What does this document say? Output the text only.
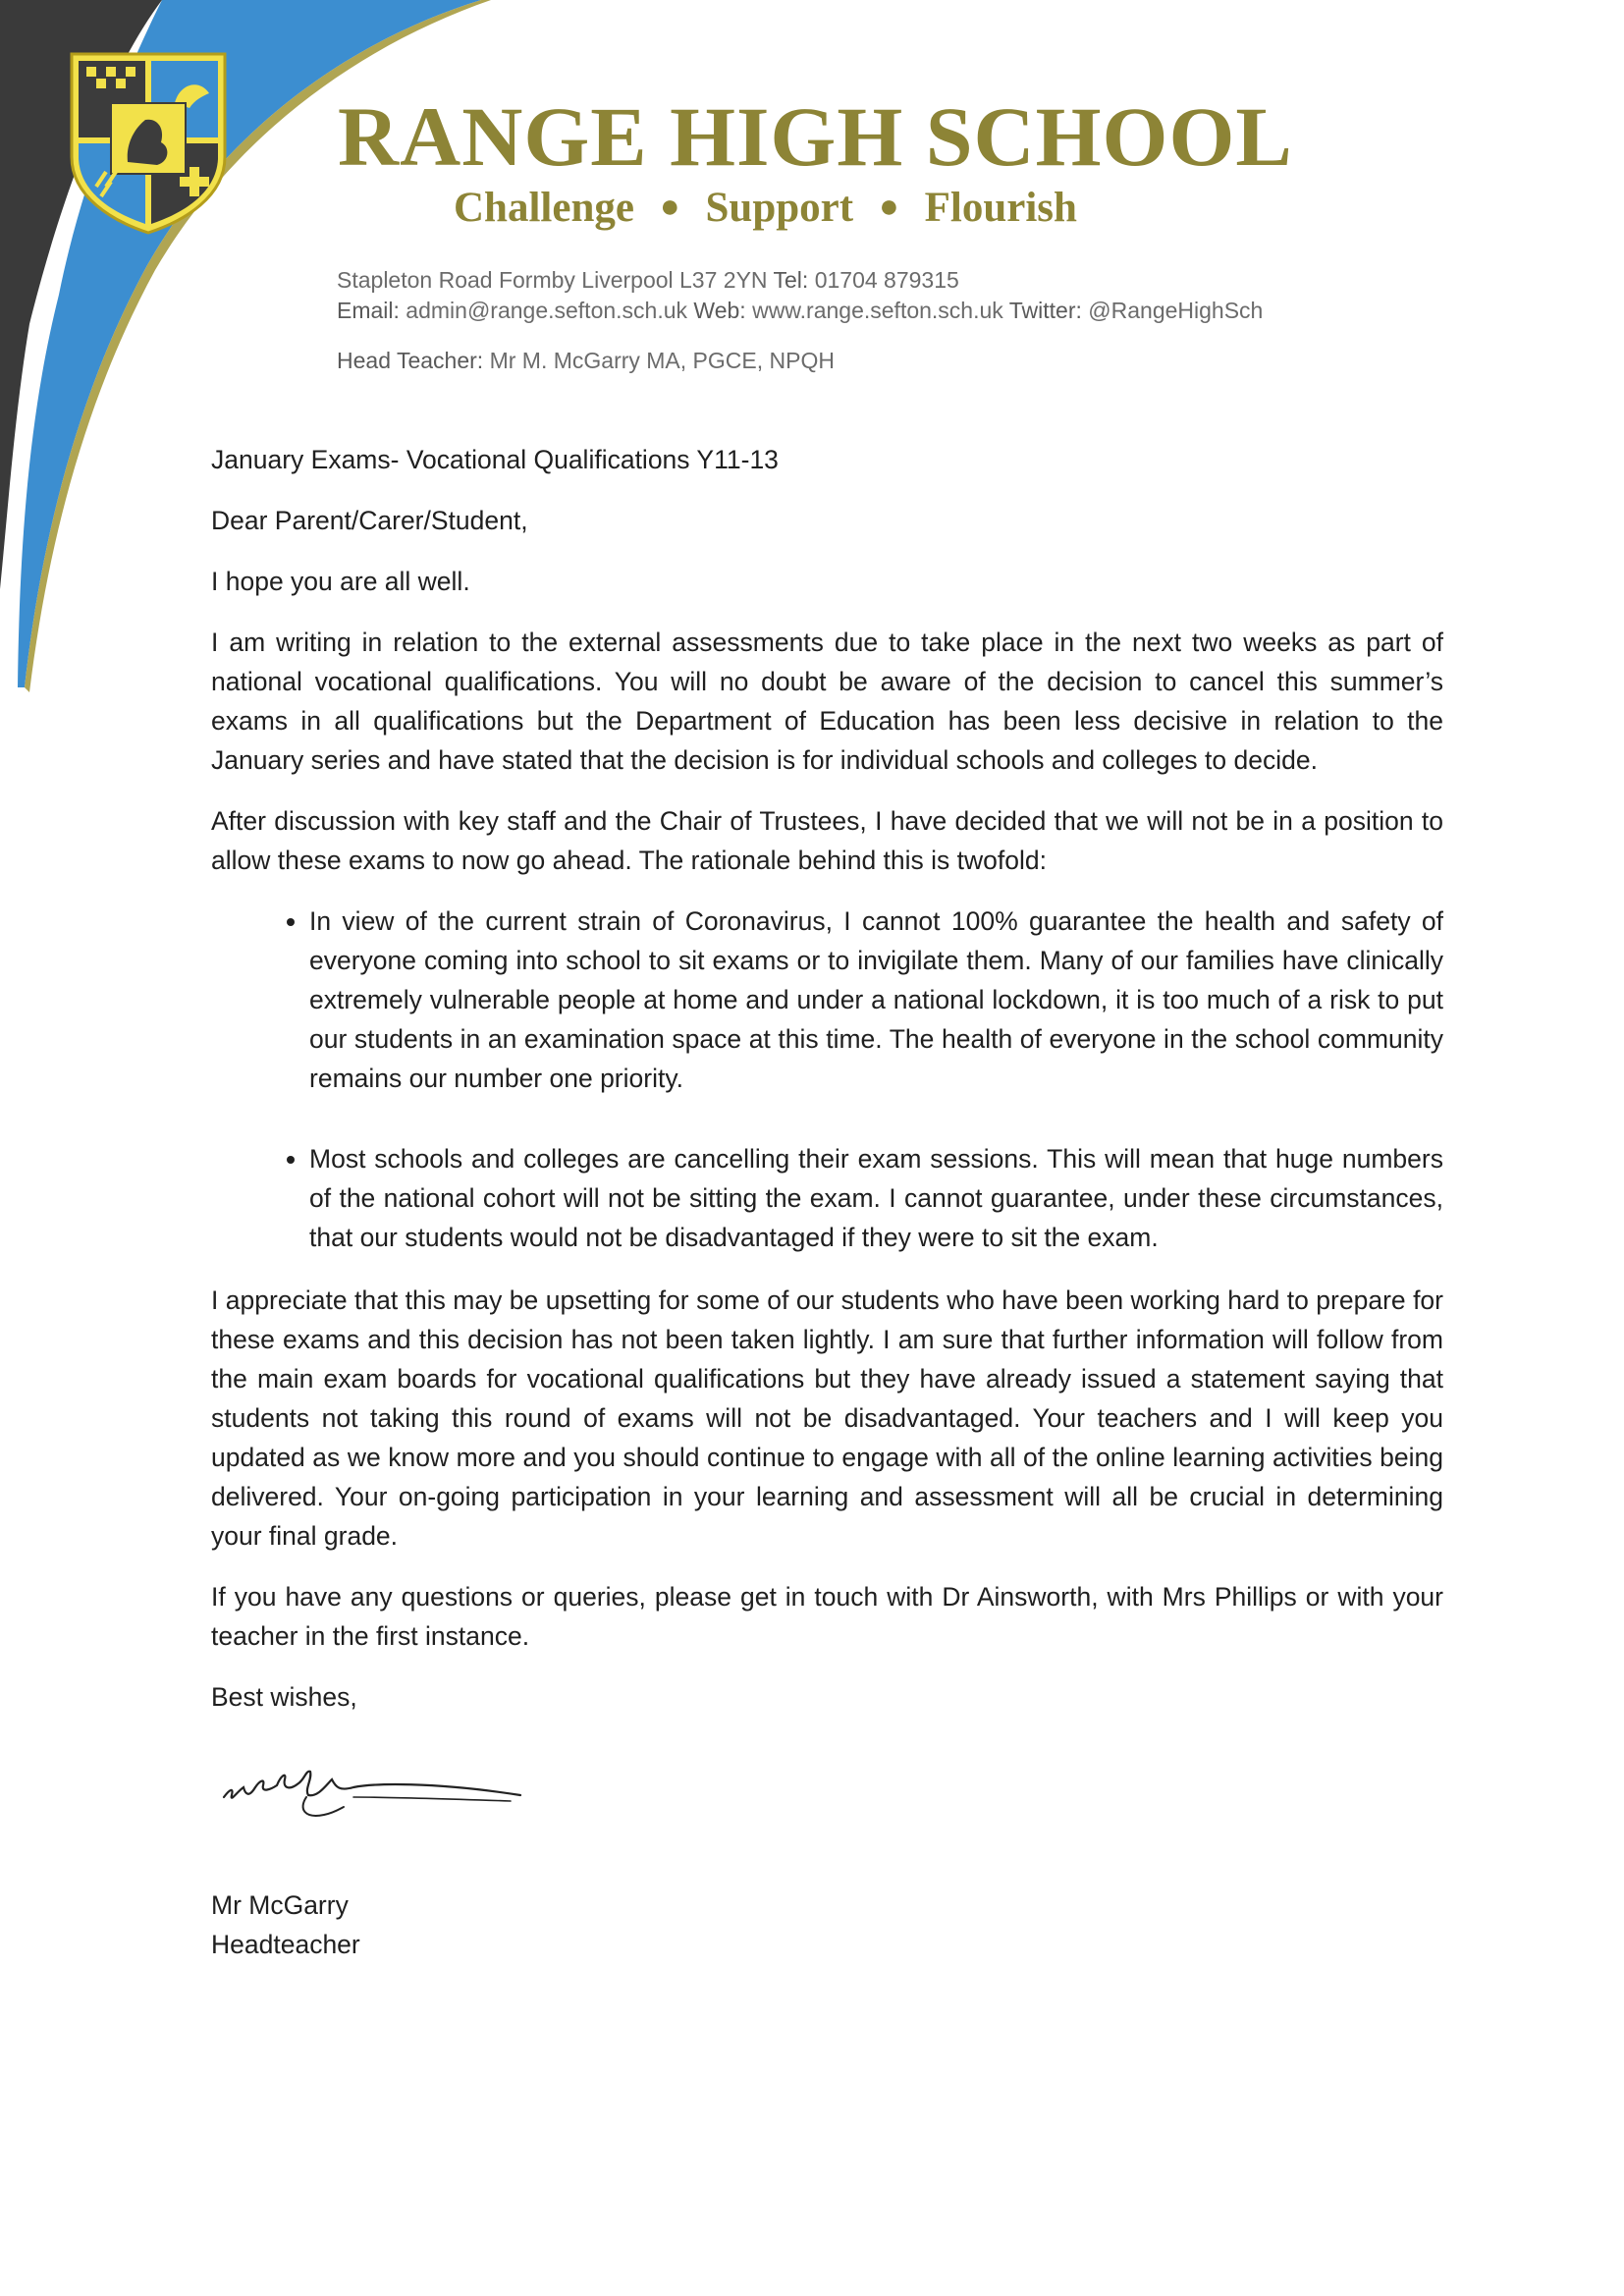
RANGE HIGH SCHOOL
Challenge ● Support ● Flourish
Stapleton Road Formby Liverpool L37 2YN Tel: 01704 879315
Email: admin@range.sefton.sch.uk Web: www.range.sefton.sch.uk Twitter: @RangeHighSch
Head Teacher: Mr M. McGarry MA, PGCE, NPQH

January Exams- Vocational Qualifications Y11-13

Dear Parent/Carer/Student,

I hope you are all well.

I am writing in relation to the external assessments due to take place in the next two weeks as part of national vocational qualifications. You will no doubt be aware of the decision to cancel this summer’s exams in all qualifications but the Department of Education has been less decisive in relation to the January series and have stated that the decision is for individual schools and colleges to decide.

After discussion with key staff and the Chair of Trustees, I have decided that we will not be in a position to allow these exams to now go ahead. The rationale behind this is twofold:

• In view of the current strain of Coronavirus, I cannot 100% guarantee the health and safety of everyone coming into school to sit exams or to invigilate them. Many of our families have clinically extremely vulnerable people at home and under a national lockdown, it is too much of a risk to put our students in an examination space at this time. The health of everyone in the school community remains our number one priority.
• Most schools and colleges are cancelling their exam sessions. This will mean that huge numbers of the national cohort will not be sitting the exam. I cannot guarantee, under these circumstances, that our students would not be disadvantaged if they were to sit the exam.

I appreciate that this may be upsetting for some of our students who have been working hard to prepare for these exams and this decision has not been taken lightly. I am sure that further information will follow from the main exam boards for vocational qualifications but they have already issued a statement saying that students not taking this round of exams will not be disadvantaged. Your teachers and I will keep you updated as we know more and you should continue to engage with all of the online learning activities being delivered. Your on-going participation in your learning and assessment will all be crucial in determining your final grade.

If you have any questions or queries, please get in touch with Dr Ainsworth, with Mrs Phillips or with your teacher in the first instance.

Best wishes,

Mr McGarry
Headteacher
